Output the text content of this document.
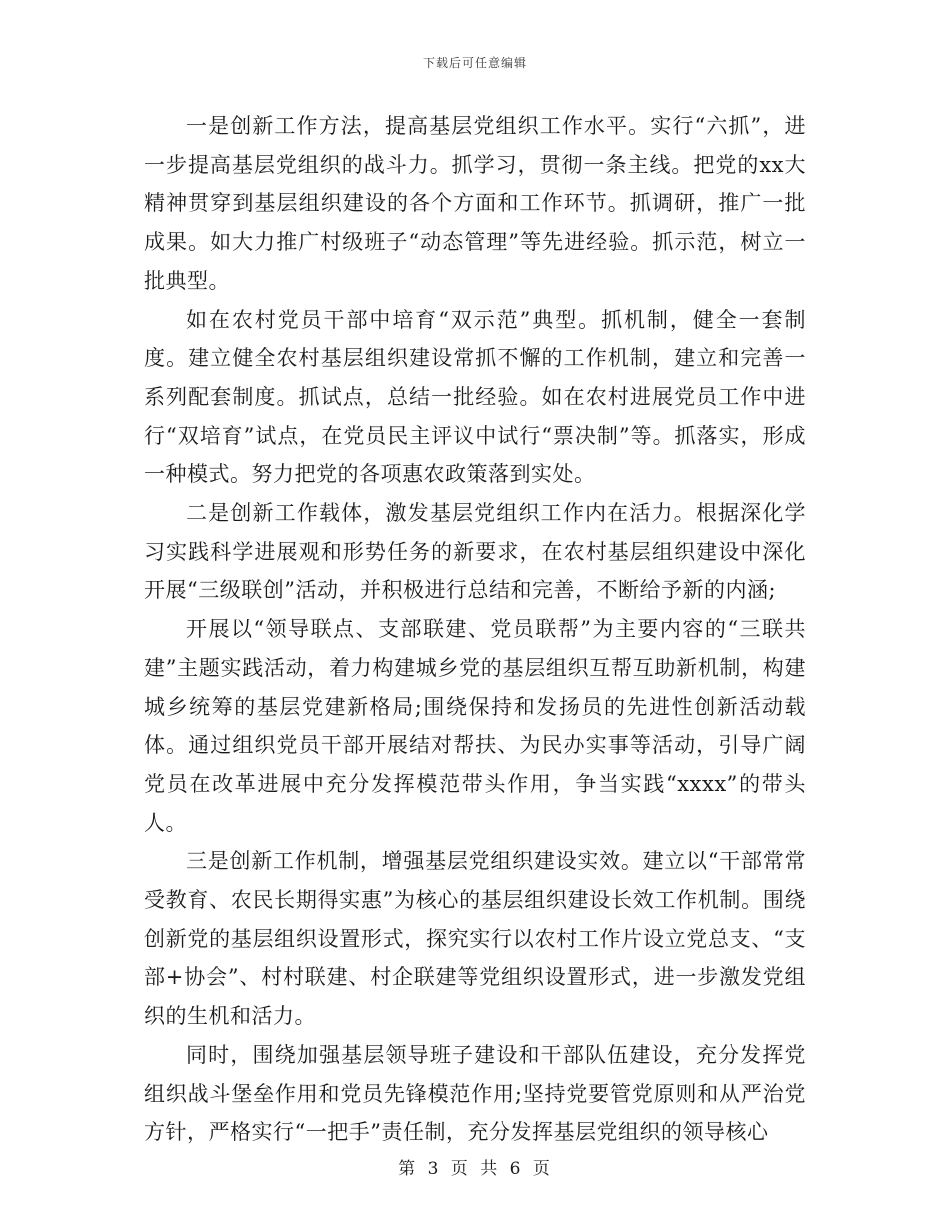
下载后可任意编辑

一是创新工作方法，提高基层党组织工作水平。实行“六抓”，进一步提高基层党组织的战斗力。抓学习，贯彻一条主线。把党的xx大精神贯穿到基层组织建设的各个方面和工作环节。抓调研，推广一批成果。如大力推广村级班子“动态管理”等先进经验。抓示范，树立一批典型。

如在农村党员干部中培育“双示范”典型。抓机制，健全一套制度。建立健全农村基层组织建设常抓不懈的工作机制，建立和完善一系列配套制度。抓试点，总结一批经验。如在农村进展党员工作中进行“双培育”试点，在党员民主评议中试行“票决制”等。抓落实，形成一种模式。努力把党的各项惠农政策落到实处。

二是创新工作载体，激发基层党组织工作内在活力。根据深化学习实践科学进展观和形势任务的新要求，在农村基层组织建设中深化开展“三级联创”活动，并积极进行总结和完善，不断给予新的内涵;

开展以“领导联点、支部联建、党员联帮”为主要内容的“三联共建”主题实践活动，着力构建城乡党的基层组织互帮互助新机制，构建城乡统筹的基层党建新格局;围绕保持和发扬员的先进性创新活动载体。通过组织党员干部开展结对帮扶、为民办实事等活动，引导广阔党员在改革进展中充分发挥模范带头作用，争当实践“xxxx”的带头人。

三是创新工作机制，增强基层党组织建设实效。建立以“干部常常受教育、农民长期得实惠”为核心的基层组织建设长效工作机制。围绕创新党的基层组织设置形式，探究实行以农村工作片设立党总支、“支部+协会”、村村联建、村企联建等党组织设置形式，进一步激发党组织的生机和活力。

同时，围绕加强基层领导班子建设和干部队伍建设，充分发挥党组织战斗堡垒作用和党员先锋模范作用;坚持党要管党原则和从严治党方针，严格实行“一把手”责任制，充分发挥基层党组织的领导核心

第 3 页 共 6 页
